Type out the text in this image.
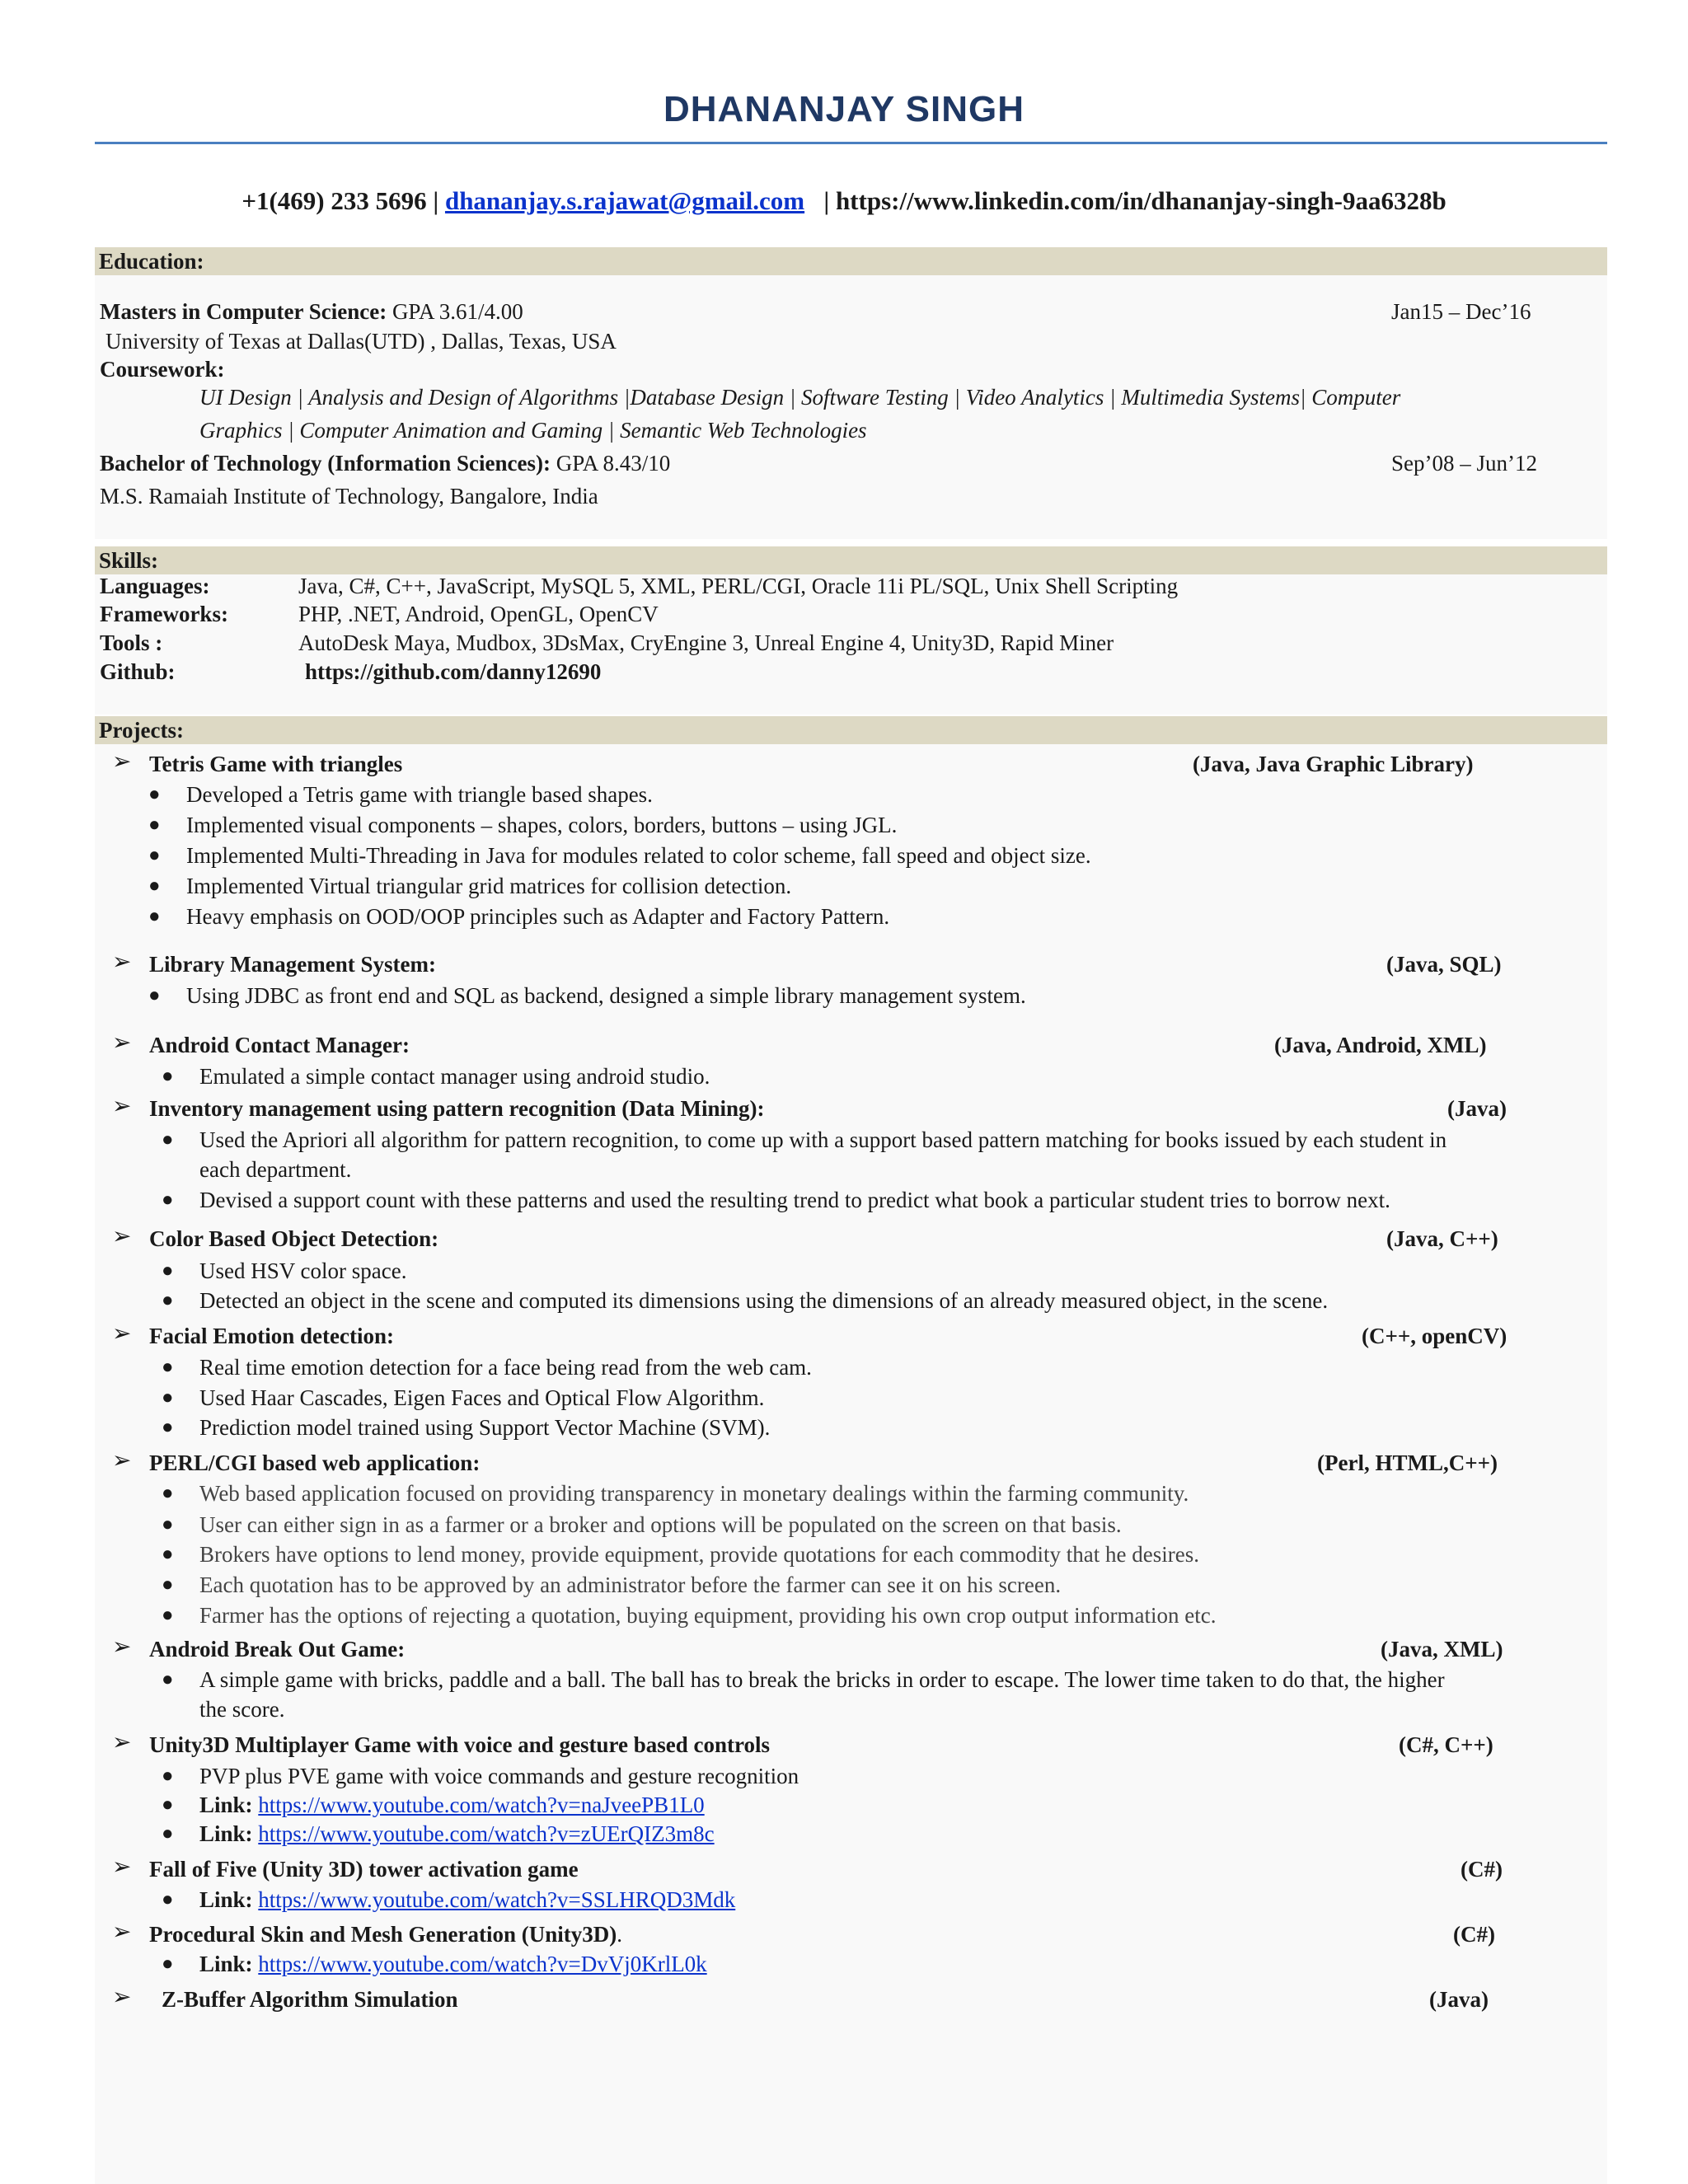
DHANANJAY SINGH
+1(469) 233 5696 | dhananjay.s.rajawat@gmail.com | https://www.linkedin.com/in/dhananjay-singh-9aa6328b
Education:
Masters in Computer Science: GPA 3.61/4.00	Jan15 – Dec’16
University of Texas at Dallas(UTD) , Dallas, Texas, USA
Coursework:
UI Design | Analysis and Design of Algorithms |Database Design | Software Testing | Video Analytics | Multimedia Systems| Computer
Graphics | Computer Animation and Gaming | Semantic Web Technologies
Bachelor of Technology (Information Sciences): GPA 8.43/10	Sep’08 – Jun’12
M.S. Ramaiah Institute of Technology, Bangalore, India
Skills:
Languages:	Java, C#, C++, JavaScript, MySQL 5, XML, PERL/CGI, Oracle 11i PL/SQL, Unix Shell Scripting
Frameworks:	PHP, .NET, Android, OpenGL, OpenCV
Tools :	AutoDesk Maya, Mudbox, 3DsMax, CryEngine 3, Unreal Engine 4, Unity3D, Rapid Miner
Github:	https://github.com/danny12690
Projects:
➢ Tetris Game with triangles	(Java, Java Graphic Library)
● Developed a Tetris game with triangle based shapes.
● Implemented visual components – shapes, colors, borders, buttons – using JGL.
● Implemented Multi-Threading in Java for modules related to color scheme, fall speed and object size.
● Implemented Virtual triangular grid matrices for collision detection.
● Heavy emphasis on OOD/OOP principles such as Adapter and Factory Pattern.
➢ Library Management System:	(Java, SQL)
● Using JDBC as front end and SQL as backend, designed a simple library management system.
➢ Android Contact Manager:	(Java, Android, XML)
● Emulated a simple contact manager using android studio.
➢ Inventory management using pattern recognition (Data Mining):	(Java)
● Used the Apriori all algorithm for pattern recognition, to come up with a support based pattern matching for books issued by each student in
each department.
● Devised a support count with these patterns and used the resulting trend to predict what book a particular student tries to borrow next.
➢ Color Based Object Detection:	(Java, C++)
● Used HSV color space.
● Detected an object in the scene and computed its dimensions using the dimensions of an already measured object, in the scene.
➢ Facial Emotion detection:	(C++, openCV)
● Real time emotion detection for a face being read from the web cam.
● Used Haar Cascades, Eigen Faces and Optical Flow Algorithm.
● Prediction model trained using Support Vector Machine (SVM).
➢ PERL/CGI based web application:	(Perl, HTML,C++)
● Web based application focused on providing transparency in monetary dealings within the farming community.
● User can either sign in as a farmer or a broker and options will be populated on the screen on that basis.
● Brokers have options to lend money, provide equipment, provide quotations for each commodity that he desires.
● Each quotation has to be approved by an administrator before the farmer can see it on his screen.
● Farmer has the options of rejecting a quotation, buying equipment, providing his own crop output information etc.
➢ Android Break Out Game:	(Java, XML)
● A simple game with bricks, paddle and a ball. The ball has to break the bricks in order to escape. The lower time taken to do that, the higher
the score.
➢ Unity3D Multiplayer Game with voice and gesture based controls	(C#, C++)
● PVP plus PVE game with voice commands and gesture recognition
● Link: https://www.youtube.com/watch?v=naJveePB1L0
● Link: https://www.youtube.com/watch?v=zUErQIZ3m8c
➢ Fall of Five (Unity 3D) tower activation game	(C#)
● Link: https://www.youtube.com/watch?v=SSLHRQD3Mdk
➢ Procedural Skin and Mesh Generation (Unity3D).	(C#)
● Link: https://www.youtube.com/watch?v=DvVj0KrlL0k
➢ Z-Buffer Algorithm Simulation	(Java)
